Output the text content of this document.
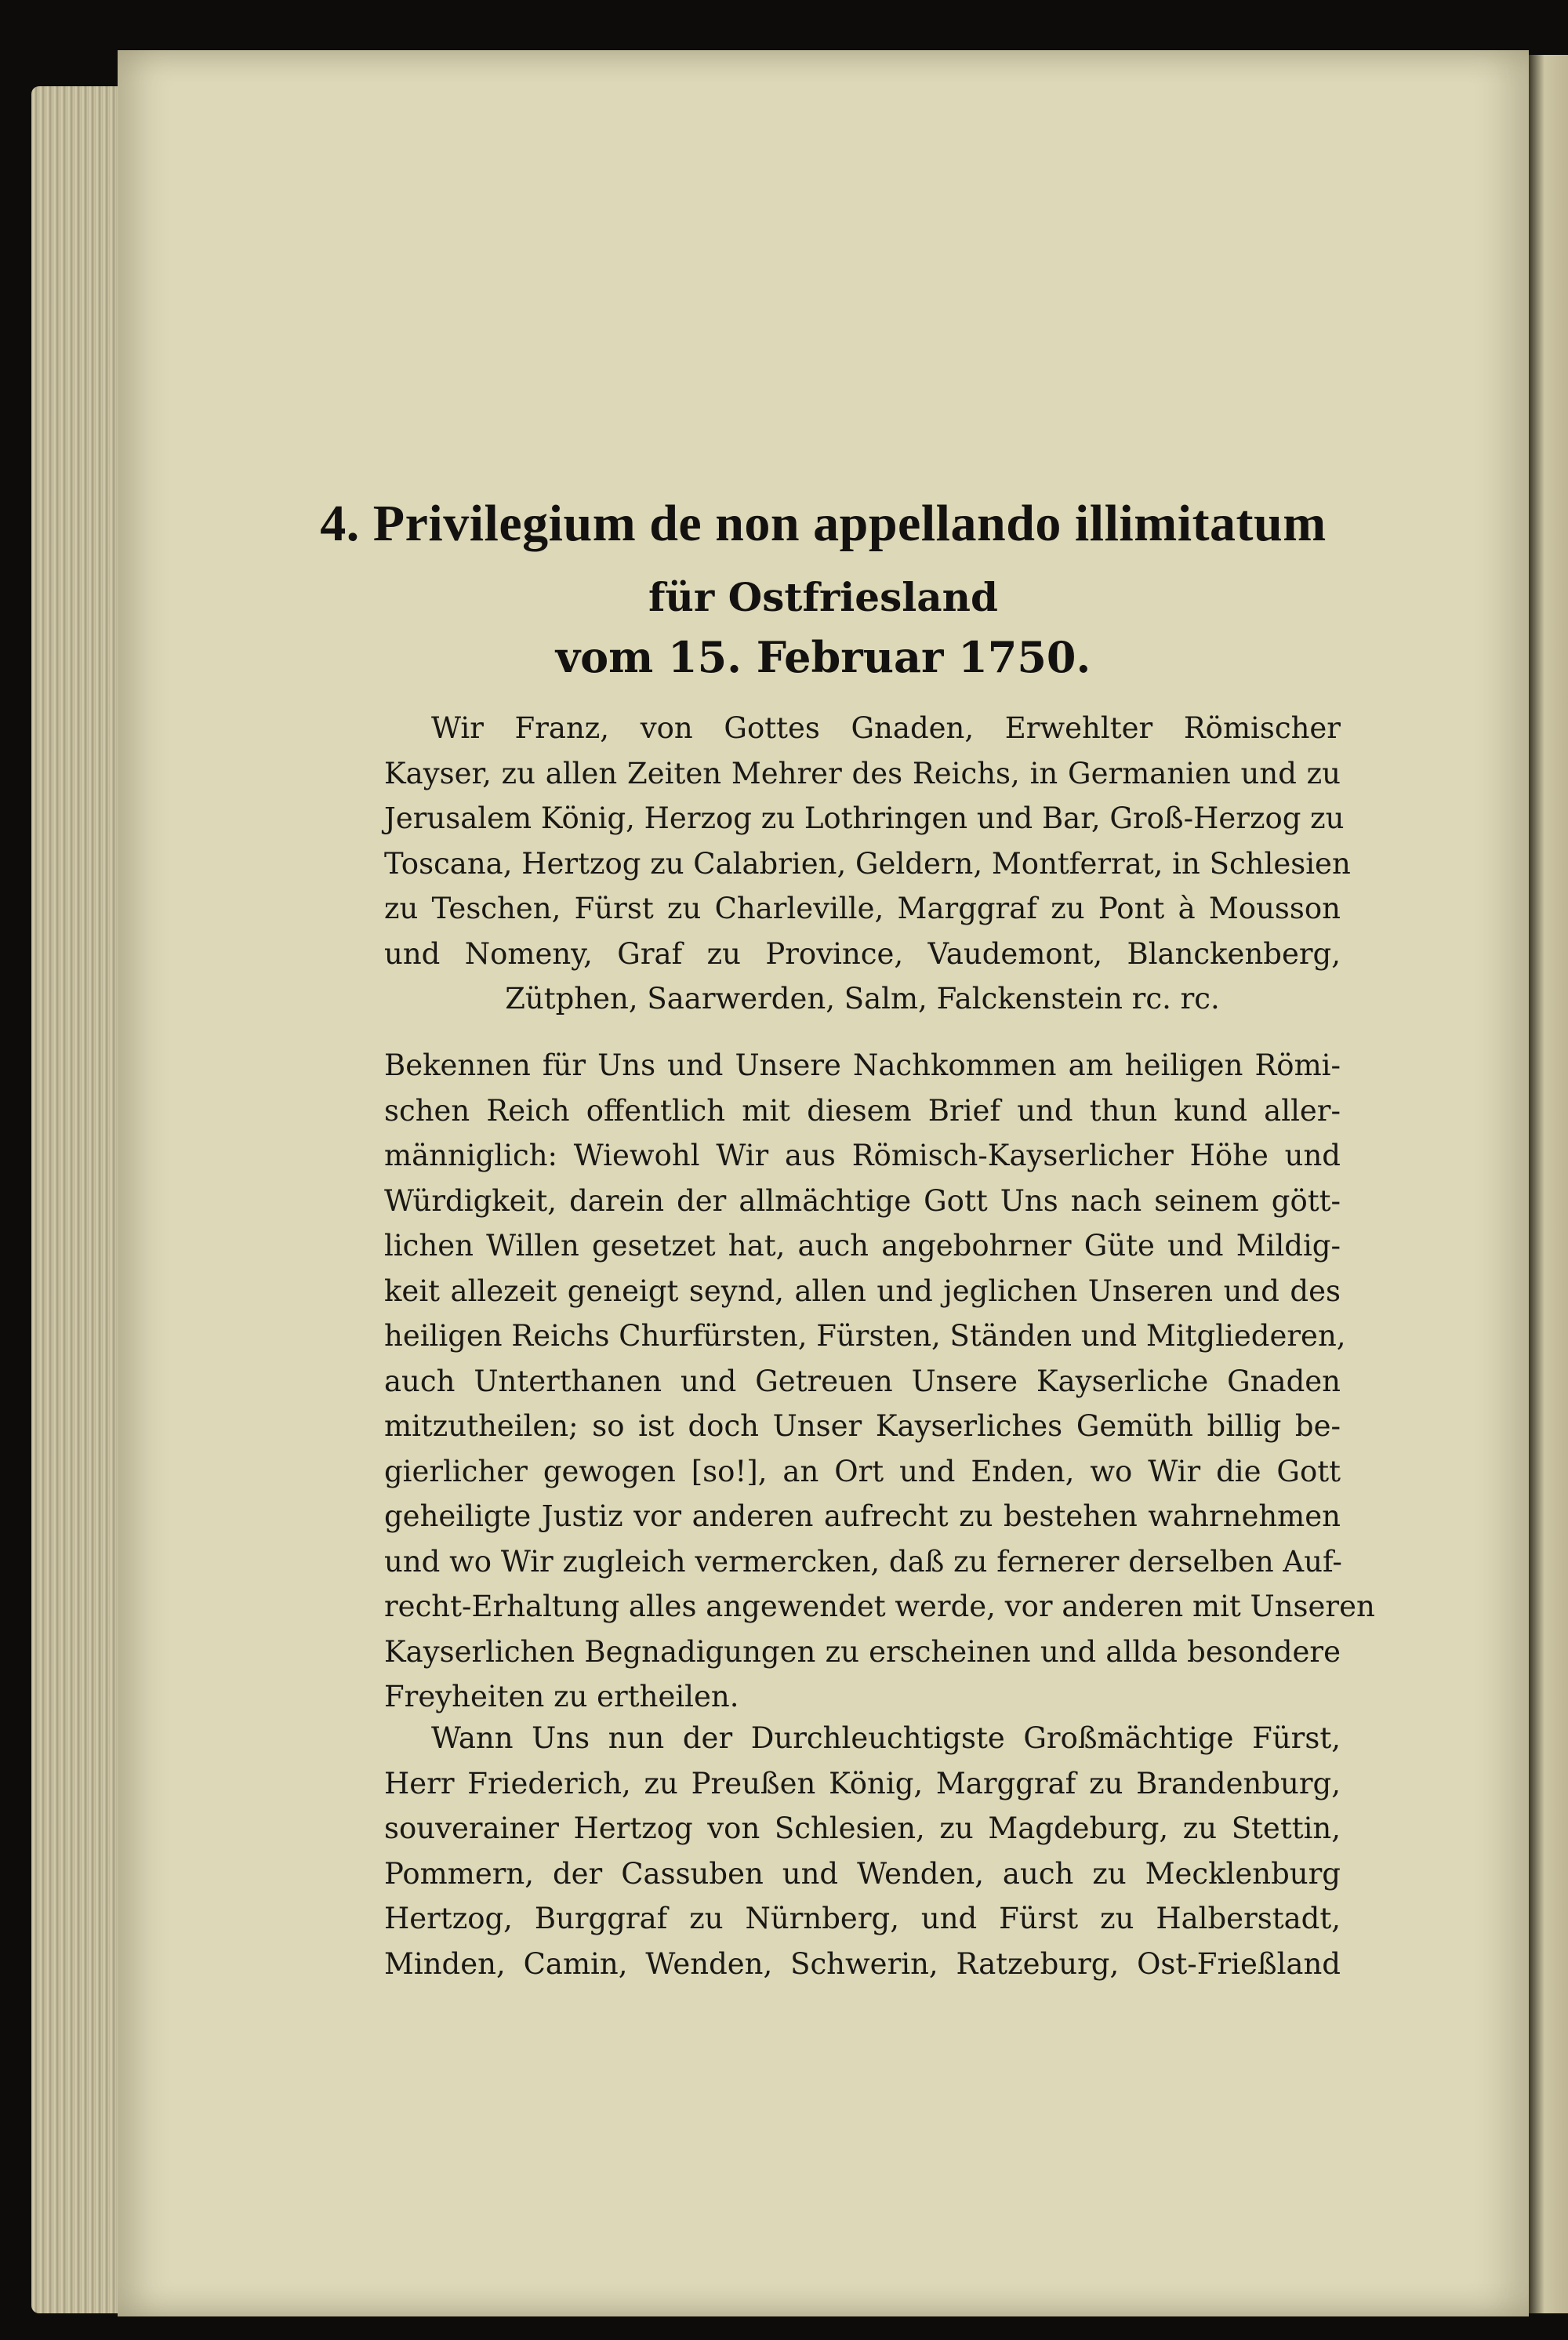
4. Privilegium de non appellando illimitatum
für Ostfriesland
vom 15. Februar 1750.
Wir Franz, von Gottes Gnaden, Erwehlter Römischer
Kayser, zu allen Zeiten Mehrer des Reichs, in Germanien und zu
Jerusalem König, Herzog zu Lothringen und Bar, Groß-Herzog zu
Toscana, Hertzog zu Calabrien, Geldern, Montferrat, in Schlesien
zu Teschen, Fürst zu Charleville, Marggraf zu Pont à Mousson
und Nomeny, Graf zu Province, Vaudemont, Blanckenberg,
Zütphen, Saarwerden, Salm, Falckenstein rc. rc.
Bekennen für Uns und Unsere Nachkommen am heiligen Römi-
schen Reich offentlich mit diesem Brief und thun kund aller-
männiglich: Wiewohl Wir aus Römisch-Kayserlicher Höhe und
Würdigkeit, darein der allmächtige Gott Uns nach seinem gött-
lichen Willen gesetzet hat, auch angebohrner Güte und Mildig-
keit allezeit geneigt seynd, allen und jeglichen Unseren und des
heiligen Reichs Churfürsten, Fürsten, Ständen und Mitgliederen,
auch Unterthanen und Getreuen Unsere Kayserliche Gnaden
mitzutheilen; so ist doch Unser Kayserliches Gemüth billig be-
gierlicher gewogen [so!], an Ort und Enden, wo Wir die Gott
geheiligte Justiz vor anderen aufrecht zu bestehen wahrnehmen
und wo Wir zugleich vermercken, daß zu fernerer derselben Auf-
recht-Erhaltung alles angewendet werde, vor anderen mit Unseren
Kayserlichen Begnadigungen zu erscheinen und allda besondere
Freyheiten zu ertheilen.
Wann Uns nun der Durchleuchtigste Großmächtige Fürst,
Herr Friederich, zu Preußen König, Marggraf zu Brandenburg,
souverainer Hertzog von Schlesien, zu Magdeburg, zu Stettin,
Pommern, der Cassuben und Wenden, auch zu Mecklenburg
Hertzog, Burggraf zu Nürnberg, und Fürst zu Halberstadt,
Minden, Camin, Wenden, Schwerin, Ratzeburg, Ost-Frießland
